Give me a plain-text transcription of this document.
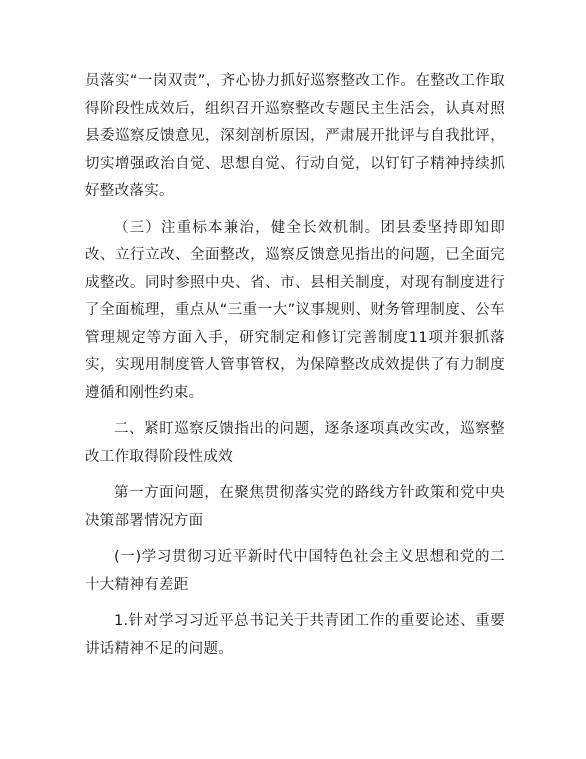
员落实“一岗双责”，齐心协力抓好巡察整改工作。在整改工作取得阶段性成效后，组织召开巡察整改专题民主生活会，认真对照县委巡察反馈意见，深刻剖析原因，严肃展开批评与自我批评，切实增强政治自觉、思想自觉、行动自觉，以钉钉子精神持续抓好整改落实。

（三）注重标本兼治，健全长效机制。团县委坚持即知即改、立行立改、全面整改，巡察反馈意见指出的问题，已全面完成整改。同时参照中央、省、市、县相关制度，对现有制度进行了全面梳理，重点从“三重一大”议事规则、财务管理制度、公车管理规定等方面入手，研究制定和修订完善制度11项并狠抓落实，实现用制度管人管事管权，为保障整改成效提供了有力制度遵循和刚性约束。

二、紧盯巡察反馈指出的问题，逐条逐项真改实改，巡察整改工作取得阶段性成效

第一方面问题，在聚焦贯彻落实党的路线方针政策和党中央决策部署情况方面

(一)学习贯彻习近平新时代中国特色社会主义思想和党的二十大精神有差距

1.针对学习习近平总书记关于共青团工作的重要论述、重要讲话精神不足的问题。
